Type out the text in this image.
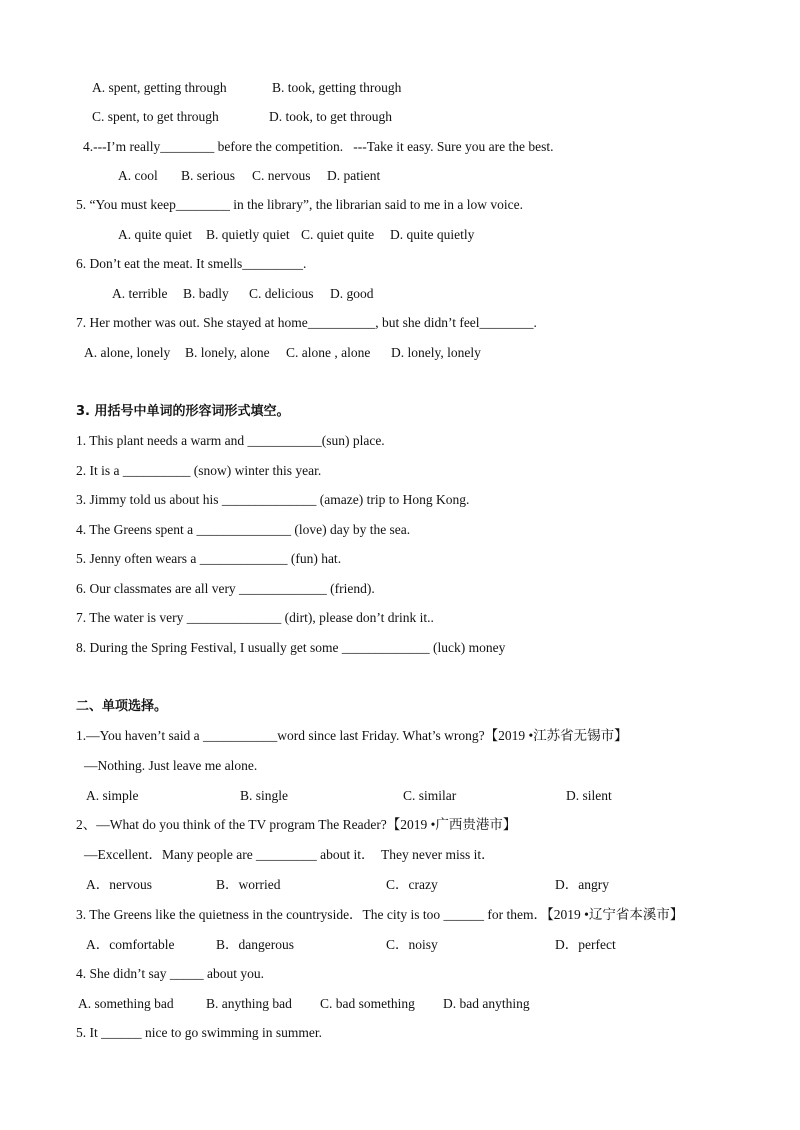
A. spent, getting through	B. took, getting through
C. spent, to get through	D. took, to get through
4.---I’m really________ before the competition.   ---Take it easy. Sure you are the best.
A. cool B. serious C. nervous D. patient
5. “You must keep________ in the library”, the librarian said to me in a low voice.
A. quite quiet B. quietly quiet C. quiet quite D. quite quietly
6. Don’t eat the meat. It smells_________.
A. terrible B. badly C. delicious D. good
7. Her mother was out. She stayed at home__________, but she didn’t feel________.
A. alone, lonely B. lonely, alone C. alone , alone D. lonely, lonely
3. 用括号中单词的形容词形式填空。
1. This plant needs a warm and ___________(sun) place.
2. It is a __________ (snow) winter this year.
3. Jimmy told us about his ______________ (amaze) trip to Hong Kong.
4. The Greens spent a ______________ (love) day by the sea.
5. Jenny often wears a _____________ (fun) hat.
6. Our classmates are all very _____________ (friend).
7. The water is very ______________ (dirt), please don’t drink it..
8. During the Spring Festival, I usually get some _____________ (luck) money
二、单项选择。
1.—You haven’t said a ___________word since last Friday. What’s wrong?【2019 •江苏省无锡市】
—Nothing. Just leave me alone.
A. simple	B. single	C. similar	D. silent
2、—What do you think of the TV program The Reader?【2019 •广西贵港市】
—Excellent．Many people are _________ about it．  They never miss it．
A．nervous	B．worried	C．crazy	D．angry
3. The Greens like the quietness in the countryside．The city is too ______ for them．【2019 •辽宁省本溪市】
A．comfortable	B．dangerous	C．noisy	D．perfect
4. She didn’t say _____ about you.
A. something bad B. anything bad C. bad something D. bad anything
5. It ______ nice to go swimming in summer.
